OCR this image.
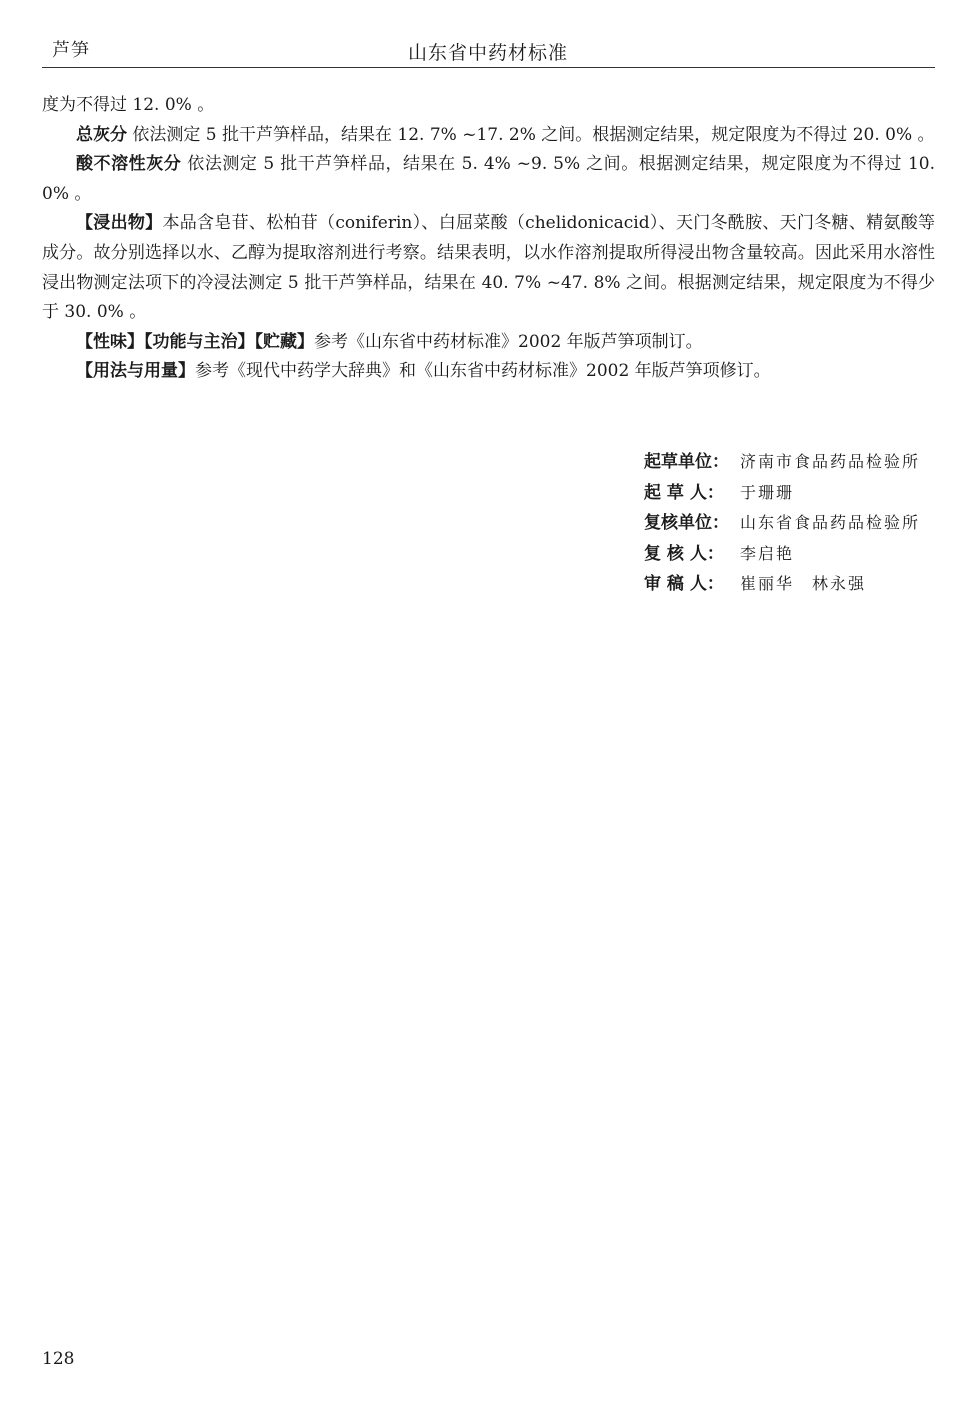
芦笋	山东省中药材标准

度为不得过 12. 0% 。

总灰分 依法测定 5 批干芦笋样品，结果在 12. 7% ~17. 2% 之间。根据测定结果，规定限度为不得过 20. 0% 。

酸不溶性灰分 依法测定 5 批干芦笋样品，结果在 5. 4% ~9. 5% 之间。根据测定结果，规定限度为不得过 10. 0% 。

【浸出物】本品含皂苷、松柏苷（coniferin）、白屈菜酸（chelidonicacid）、天门冬酰胺、天门冬糖、精氨酸等成分。故分别选择以水、乙醇为提取溶剂进行考察。结果表明，以水作溶剂提取所得浸出物含量较高。因此采用水溶性浸出物测定法项下的冷浸法测定 5 批干芦笋样品，结果在 40. 7% ~47. 8% 之间。根据测定结果，规定限度为不得少于 30. 0% 。

【性味】【功能与主治】【贮藏】参考《山东省中药材标准》2002 年版芦笋项制订。

【用法与用量】参考《现代中药学大辞典》和《山东省中药材标准》2002 年版芦笋项修订。

起草单位： 济南市食品药品检验所
起 草 人： 于珊珊
复核单位： 山东省食品药品检验所
复 核 人： 李启艳
审 稿 人： 崔丽华　林永强
128
